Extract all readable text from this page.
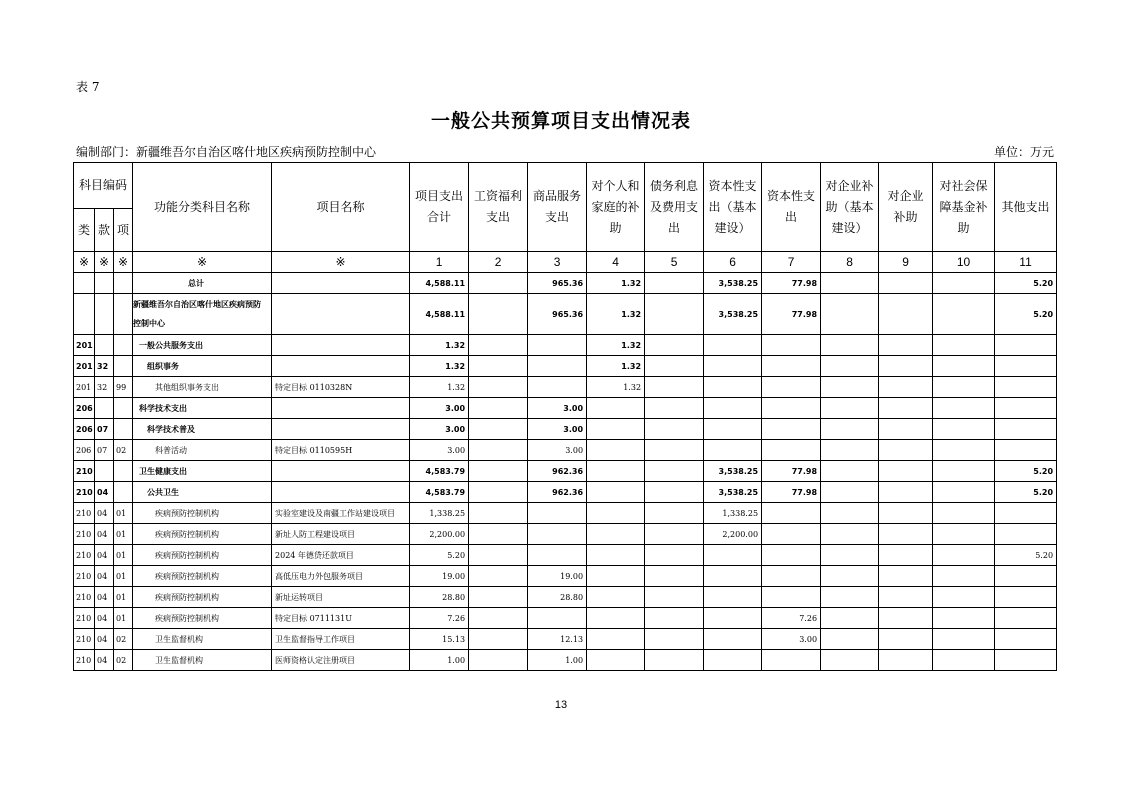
表 7
一般公共预算项目支出情况表
编制部门：新疆维吾尔自治区喀什地区疾病预防控制中心	单位：万元
科目编码			功能分类科目名称	项目名称	项目支出合计	工资福利支出	商品服务支出	对个人和家庭的补助	债务利息及费用支出	资本性支出（基本建设）	资本性支出	对企业补助（基本建设）	对企业补助	对社会保障基金补助	其他支出
类	款	项													
※	※	※	※	※	1	2	3	4	5	6	7	8	9	10	11
			总计		4,588.11		965.36	1.32		3,538.25	77.98				5.20
			新疆维吾尔自治区喀什地区疾病预防控制中心		4,588.11		965.36	1.32		3,538.25	77.98				5.20
201			一般公共服务支出		1.32			1.32							
201	32		组织事务		1.32			1.32							
201	32	99	其他组织事务支出	特定目标 0110328N	1.32			1.32							
206			科学技术支出		3.00		3.00								
206	07		科学技术普及		3.00		3.00								
206	07	02	科普活动	特定目标 0110595H	3.00		3.00								
210			卫生健康支出		4,583.79		962.36			3,538.25	77.98				5.20
210	04		公共卫生		4,583.79		962.36			3,538.25	77.98				5.20
210	04	01	疾病预防控制机构	实验室建设及南疆工作站建设项目	1,338.25					1,338.25					
210	04	01	疾病预防控制机构	新址人防工程建设项目	2,200.00					2,200.00					
210	04	01	疾病预防控制机构	2024 年德贷还款项目	5.20										5.20
210	04	01	疾病预防控制机构	高低压电力外包服务项目	19.00		19.00								
210	04	01	疾病预防控制机构	新址运转项目	28.80		28.80								
210	04	01	疾病预防控制机构	特定目标 0711131U	7.26						7.26				
210	04	02	卫生监督机构	卫生监督指导工作项目	15.13		12.13				3.00				
210	04	02	卫生监督机构	医师资格认定注册项目	1.00		1.00								
13
